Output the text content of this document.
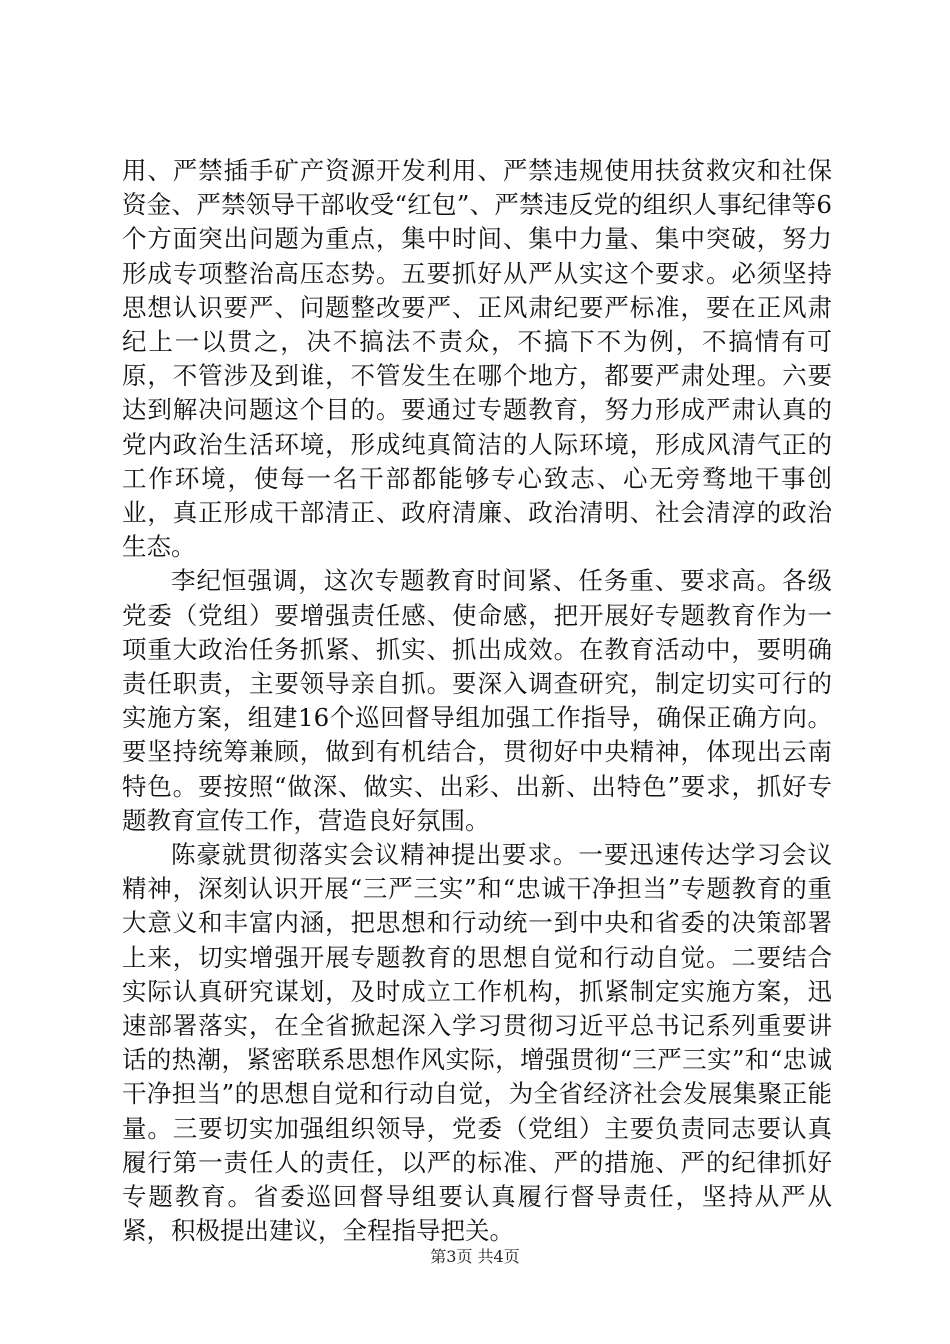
用、严禁插手矿产资源开发利用、严禁违规使用扶贫救灾和社保资金、严禁领导干部收受“红包”、严禁违反党的组织人事纪律等6个方面突出问题为重点，集中时间、集中力量、集中突破，努力形成专项整治高压态势。五要抓好从严从实这个要求。必须坚持思想认识要严、问题整改要严、正风肃纪要严标准，要在正风肃纪上一以贯之，决不搞法不责众，不搞下不为例，不搞情有可原，不管涉及到谁，不管发生在哪个地方，都要严肃处理。六要达到解决问题这个目的。要通过专题教育，努力形成严肃认真的党内政治生活环境，形成纯真简洁的人际环境，形成风清气正的工作环境，使每一名干部都能够专心致志、心无旁骛地干事创业，真正形成干部清正、政府清廉、政治清明、社会清淳的政治生态。

李纪恒强调，这次专题教育时间紧、任务重、要求高。各级党委（党组）要增强责任感、使命感，把开展好专题教育作为一项重大政治任务抓紧、抓实、抓出成效。在教育活动中，要明确责任职责，主要领导亲自抓。要深入调查研究，制定切实可行的实施方案，组建16个巡回督导组加强工作指导，确保正确方向。要坚持统筹兼顾，做到有机结合，贯彻好中央精神，体现出云南特色。要按照“做深、做实、出彩、出新、出特色”要求，抓好专题教育宣传工作，营造良好氛围。

陈豪就贯彻落实会议精神提出要求。一要迅速传达学习会议精神，深刻认识开展“三严三实”和“忠诚干净担当”专题教育的重大意义和丰富内涵，把思想和行动统一到中央和省委的决策部署上来，切实增强开展专题教育的思想自觉和行动自觉。二要结合实际认真研究谋划，及时成立工作机构，抓紧制定实施方案，迅速部署落实，在全省掀起深入学习贯彻习近平总书记系列重要讲话的热潮，紧密联系思想作风实际，增强贯彻“三严三实”和“忠诚干净担当”的思想自觉和行动自觉，为全省经济社会发展集聚正能量。三要切实加强组织领导，党委（党组）主要负责同志要认真履行第一责任人的责任，以严的标准、严的措施、严的纪律抓好专题教育。省委巡回督导组要认真履行督导责任，坚持从严从紧，积极提出建议，全程指导把关。

第3页 共4页
